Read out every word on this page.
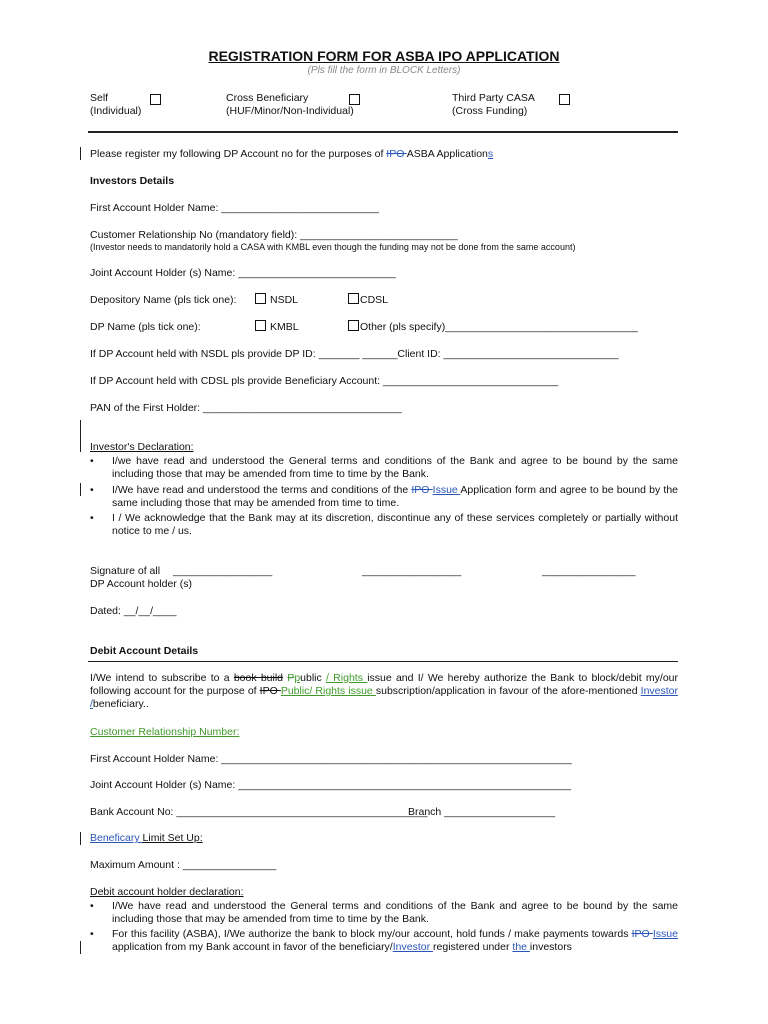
REGISTRATION FORM FOR ASBA IPO APPLICATION
(Pls fill the form in BLOCK Letters)
Self
(Individual)
Cross Beneficiary
(HUF/Minor/Non-Individual)
Third Party CASA
(Cross Funding)
Please register my following DP Account no for the purposes of IPO ASBA Applications
Investors Details
First Account Holder Name: ___________________________
Customer Relationship No (mandatory field): ___________________________
(Investor needs to mandatorily hold a CASA with KMBL even though the funding may not be done from the same account)
Joint Account Holder (s) Name: ___________________________
Depository Name (pls tick one):	NSDL	CDSL
DP Name (pls tick one):	KMBL	Other (pls specify)_________________________________
If DP Account held with NSDL pls provide DP ID: _______ ______Client ID: ______________________________
If DP Account held with CDSL pls provide Beneficiary Account: ______________________________
PAN of the First Holder: __________________________________
Investor's Declaration:
•	I/we have read and understood the General terms and conditions of the Bank and agree to be bound by the same including those that may be amended from time to time by the Bank.
•	I/We have read and understood the terms and conditions of the IPO Issue Application form and agree to be bound by the same including those that may be amended from time to time.
•	I / We acknowledge that the Bank may at its discretion, discontinue any of these services completely or partially without notice to me / us.
Signature of all _________________
DP Account holder (s)
_________________	________________
Dated: __/__/____
Debit Account Details
I/We intend to subscribe to a book build Ppublic / Rights issue and I/ We hereby authorize the Bank to block/debit my/our following account for the purpose of IPO Public/ Rights issue subscription/application in favour of the afore-mentioned Investor /beneficiary..
Customer Relationship Number:
First Account Holder Name: ____________________________________________________________
Joint Account Holder (s) Name: _________________________________________________________
Bank Account No: ___________________________________________
Branch ___________________
Beneficary Limit Set Up:
Maximum Amount : ________________
Debit account holder declaration:
•	I/We have read and understood the General terms and conditions of the Bank and agree to be bound by the same including those that may be amended from time to time by the Bank.
•	For this facility (ASBA), I/We authorize the bank to block my/our account, hold funds / make payments towards IPO Issue application from my Bank account in favor of the beneficiary/Investor registered under the investors
